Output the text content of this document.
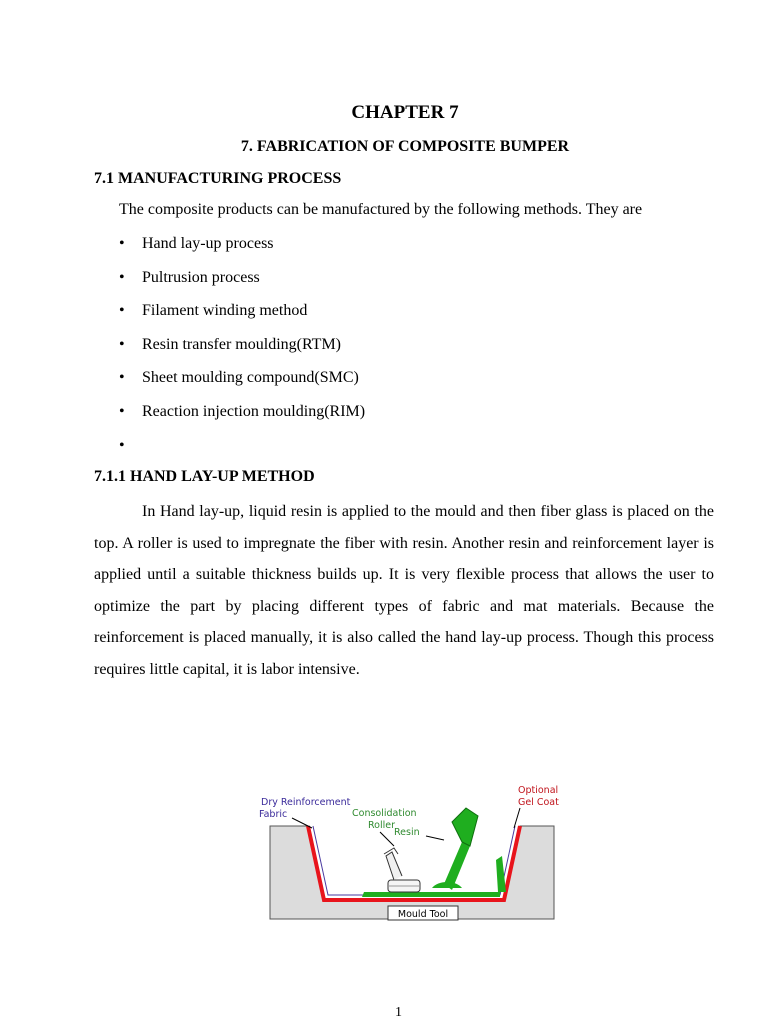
CHAPTER 7
7. FABRICATION OF COMPOSITE BUMPER
7.1 MANUFACTURING PROCESS
The composite products can be manufactured by the following methods. They are
• Hand lay-up process
• Pultrusion process
• Filament winding method
• Resin transfer moulding(RTM)
• Sheet moulding compound(SMC)
• Reaction injection moulding(RIM)
•
7.1.1 HAND LAY-UP METHOD

In Hand lay-up, liquid resin is applied to the mould and then fiber glass is placed on the top. A roller is used to impregnate the fiber with resin. Another resin and reinforcement layer is applied until a suitable thickness builds up. It is very flexible process that allows the user to optimize the part by placing different types of fabric and mat materials. Because the reinforcement is placed manually, it is also called the hand lay-up process. Though this process requires little capital, it is labor intensive.

Dry Reinforcement
Fabric	Consolidation
Roller
Resin
Optional
Gel Coat
Mould Tool
1
